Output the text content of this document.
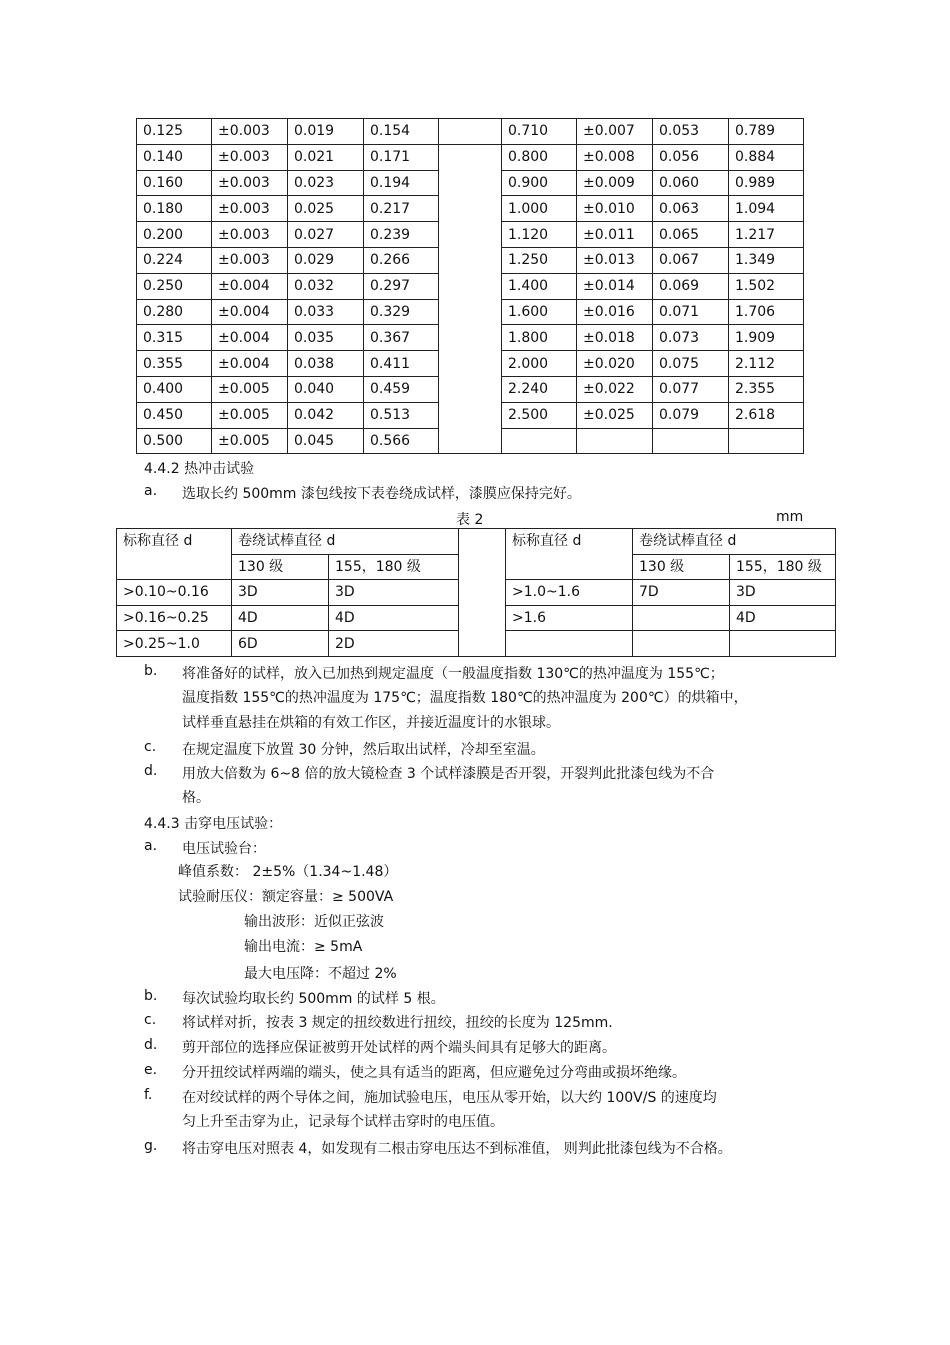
0.125	±0.003	0.019	0.154		0.710	±0.007	0.053	0.789
0.140	±0.003	0.021	0.171		0.800	±0.008	0.056	0.884
0.160	±0.003	0.023	0.194		0.900	±0.009	0.060	0.989
0.180	±0.003	0.025	0.217		1.000	±0.010	0.063	1.094
0.200	±0.003	0.027	0.239		1.120	±0.011	0.065	1.217
0.224	±0.003	0.029	0.266		1.250	±0.013	0.067	1.349
0.250	±0.004	0.032	0.297		1.400	±0.014	0.069	1.502
0.280	±0.004	0.033	0.329		1.600	±0.016	0.071	1.706
0.315	±0.004	0.035	0.367		1.800	±0.018	0.073	1.909
0.355	±0.004	0.038	0.411		2.000	±0.020	0.075	2.112
0.400	±0.005	0.040	0.459		2.240	±0.022	0.077	2.355
0.450	±0.005	0.042	0.513		2.500	±0.025	0.079	2.618
0.500	±0.005	0.045	0.566					
4.4.2 热冲击试验
a. 选取长约 500mm 漆包线按下表卷绕成试样，漆膜应保持完好。
表 2	mm
标称直径 d	卷绕试棒直径 d			标称直径 d	卷绕试棒直径 d	
	130 级	155，180 级			130 级	155，180 级
>0.10~0.16	3D	3D		>1.0~1.6	7D	3D
>0.16~0.25	4D	4D		>1.6		4D
>0.25~1.0	6D	2D				
b. 将准备好的试样，放入已加热到规定温度（一般温度指数 130℃的热冲温度为 155℃；
温度指数 155℃的热冲温度为 175℃；温度指数 180℃的热冲温度为 200℃）的烘箱中，
试样垂直悬挂在烘箱的有效工作区，并接近温度计的水银球。
c. 在规定温度下放置 30 分钟，然后取出试样，冷却至室温。
d. 用放大倍数为 6~8 倍的放大镜检查 3 个试样漆膜是否开裂，开裂判此批漆包线为不合
格。
4.4.3 击穿电压试验：
a. 电压试验台：
峰值系数： 2±5%（1.34~1.48）
试验耐压仪：额定容量：≥ 500VA
输出波形：近似正弦波
输出电流：≥ 5mA
最大电压降：不超过 2%
b. 每次试验均取长约 500mm 的试样 5 根。
c. 将试样对折，按表 3 规定的扭绞数进行扭绞，扭绞的长度为 125mm.
d. 剪开部位的选择应保证被剪开处试样的两个端头间具有足够大的距离。
e. 分开扭绞试样两端的端头，使之具有适当的距离，但应避免过分弯曲或损坏绝缘。
f. 在对绞试样的两个导体之间，施加试验电压，电压从零开始，以大约 100V/S 的速度均
匀上升至击穿为止，记录每个试样击穿时的电压值。
g. 将击穿电压对照表 4，如发现有二根击穿电压达不到标准值， 则判此批漆包线为不合格。
